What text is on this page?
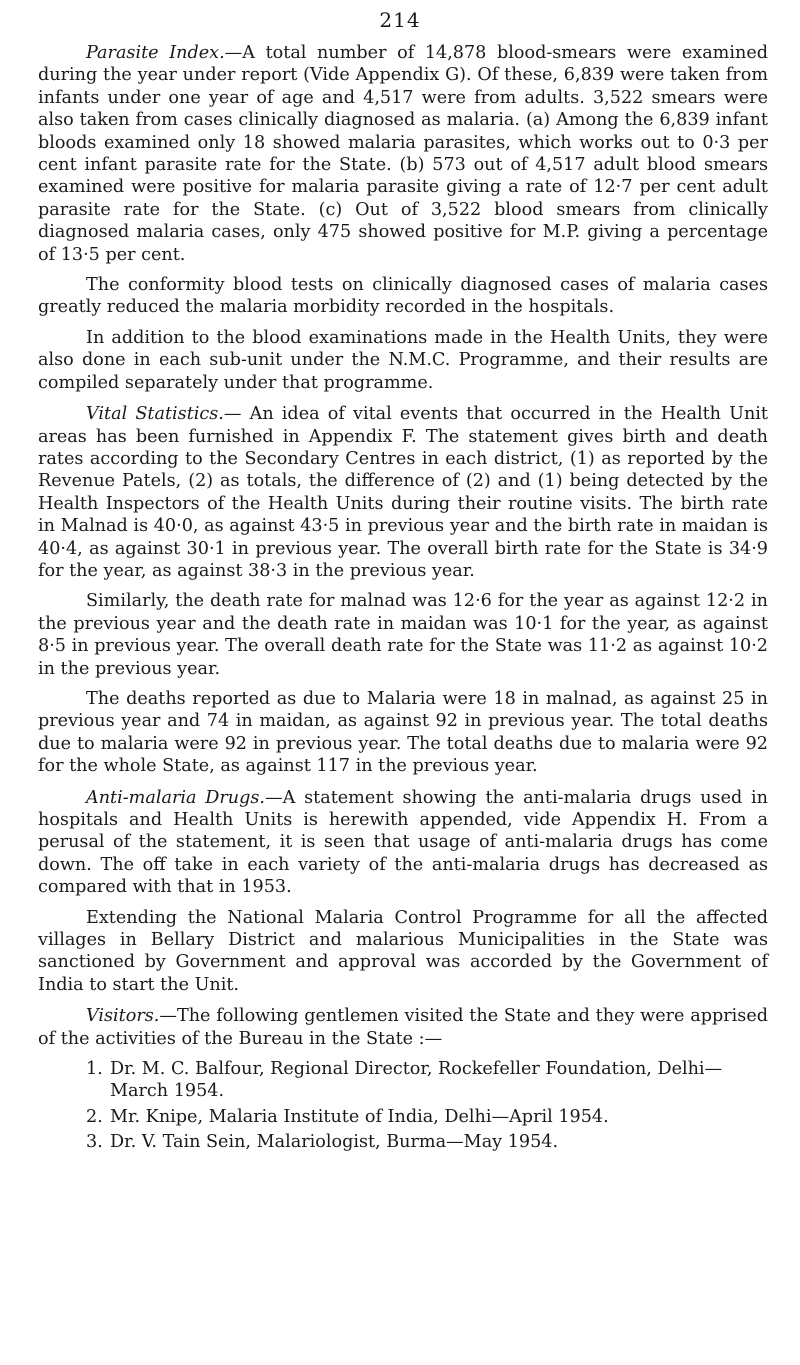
214

Parasite Index.—A total number of 14,878 blood-smears were examined during the year under report (Vide Appendix G). Of these, 6,839 were taken from infants under one year of age and 4,517 were from adults. 3,522 smears were also taken from cases clinically diagnosed as malaria. (a) Among the 6,839 infant bloods examined only 18 showed malaria parasites, which works out to 0·3 per cent infant parasite rate for the State. (b) 573 out of 4,517 adult blood smears examined were positive for malaria parasite giving a rate of 12·7 per cent adult parasite rate for the State. (c) Out of 3,522 blood smears from clinically diagnosed malaria cases, only 475 showed positive for M.P. giving a percentage of 13·5 per cent.

The conformity blood tests on clinically diagnosed cases of malaria cases greatly reduced the malaria morbidity recorded in the hospitals.

In addition to the blood examinations made in the Health Units, they were also done in each sub-unit under the N.M.C. Programme, and their results are compiled separately under that programme.

Vital Statistics.— An idea of vital events that occurred in the Health Unit areas has been furnished in Appendix F. The statement gives birth and death rates according to the Secondary Centres in each district, (1) as reported by the Revenue Patels, (2) as totals, the difference of (2) and (1) being detected by the Health Inspectors of the Health Units during their routine visits. The birth rate in Malnad is 40·0, as against 43·5 in previous year and the birth rate in maidan is 40·4, as against 30·1 in previous year. The overall birth rate for the State is 34·9 for the year, as against 38·3 in the previous year.

Similarly, the death rate for malnad was 12·6 for the year as against 12·2 in the previous year and the death rate in maidan was 10·1 for the year, as against 8·5 in previous year. The overall death rate for the State was 11·2 as against 10·2 in the previous year.

The deaths reported as due to Malaria were 18 in malnad, as against 25 in previous year and 74 in maidan, as against 92 in previous year. The total deaths due to malaria were 92 in previous year. The total deaths due to malaria were 92 for the whole State, as against 117 in the previous year.

Anti-malaria Drugs.—A statement showing the anti-malaria drugs used in hospitals and Health Units is herewith appended, vide Appendix H. From a perusal of the statement, it is seen that usage of anti-malaria drugs has come down. The off take in each variety of the anti-malaria drugs has decreased as compared with that in 1953.

Extending the National Malaria Control Programme for all the affected villages in Bellary District and malarious Municipalities in the State was sanctioned by Government and approval was accorded by the Government of India to start the Unit.

Visitors.—The following gentlemen visited the State and they were apprised of the activities of the Bureau in the State :—

1. Dr. M. C. Balfour, Regional Director, Rockefeller Foundation, Delhi—March 1954.
2. Mr. Knipe, Malaria Institute of India, Delhi—April 1954.
3. Dr. V. Tain Sein, Malariologist, Burma—May 1954.
